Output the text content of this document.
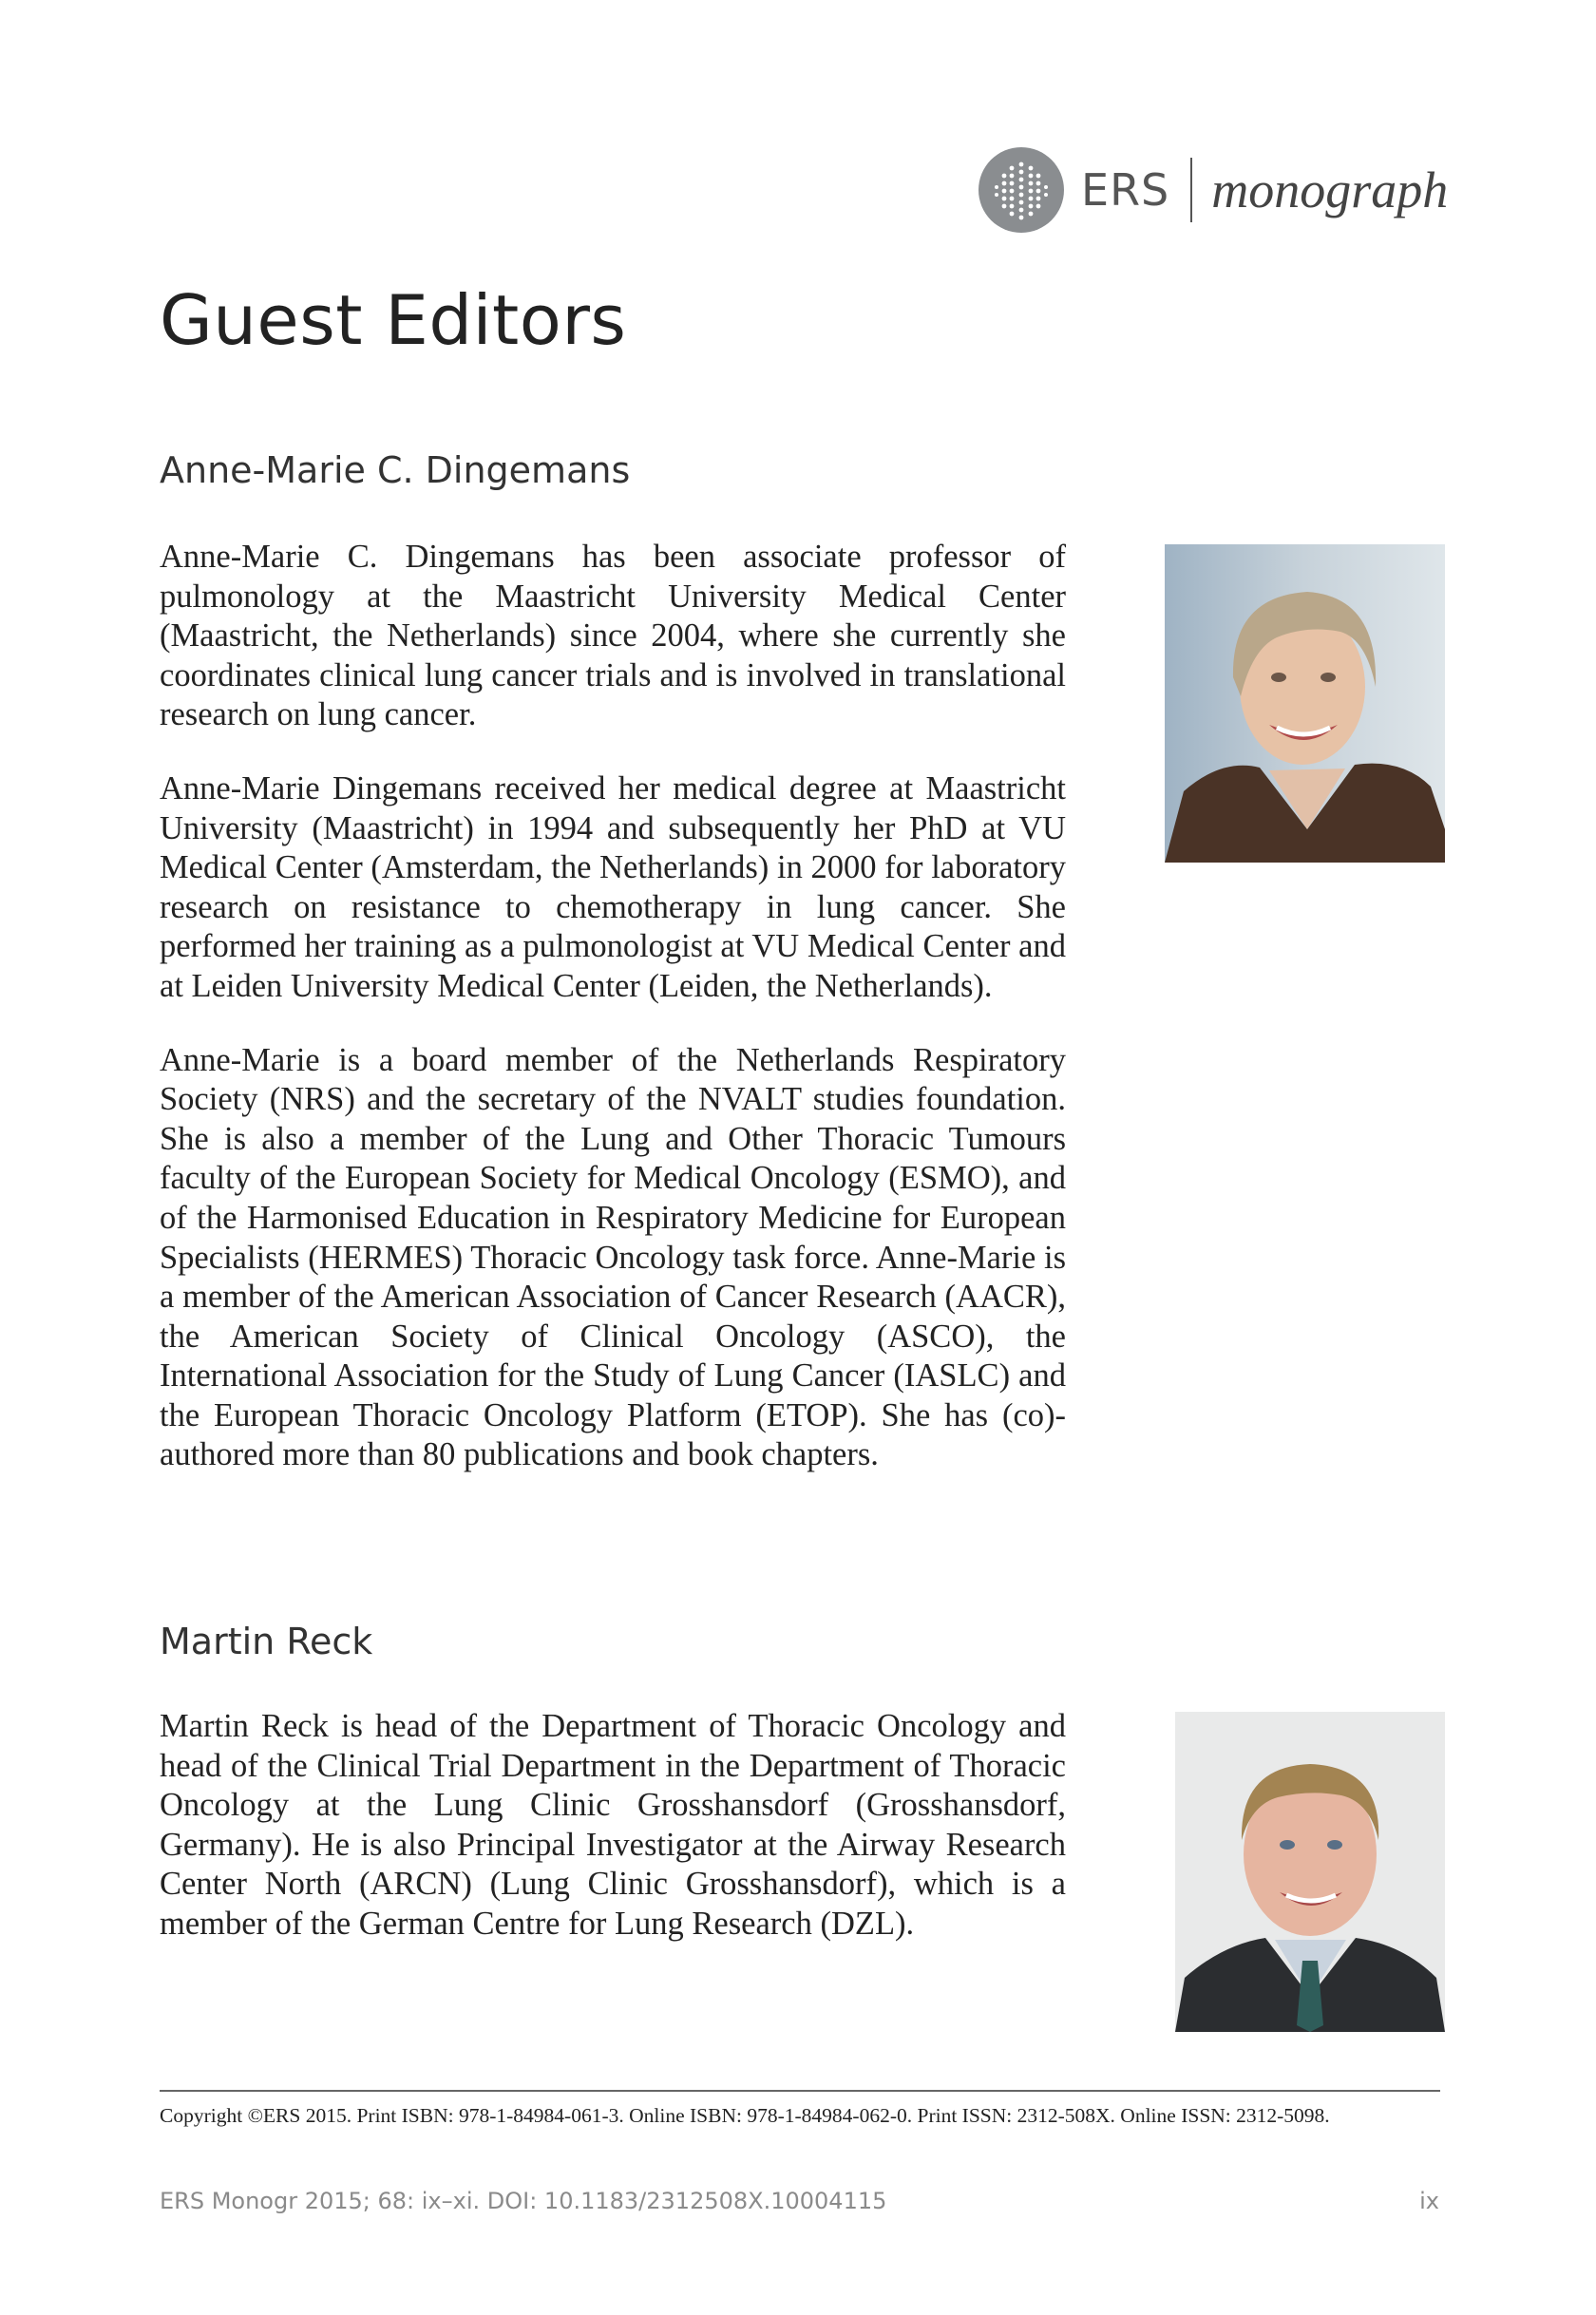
ERS monograph
Guest Editors
Anne-Marie C. Dingemans

Anne-Marie C. Dingemans has been associate professor of pulmonology at the Maastricht University Medical Center (Maastricht, the Netherlands) since 2004, where she currently she coordinates clinical lung cancer trials and is involved in translational research on lung cancer.

Anne-Marie Dingemans received her medical degree at Maastricht University (Maastricht) in 1994 and subsequently her PhD at VU Medical Center (Amsterdam, the Netherlands) in 2000 for laboratory research on resistance to chemotherapy in lung cancer. She performed her training as a pulmonologist at VU Medical Center and at Leiden University Medical Center (Leiden, the Netherlands).

Anne-Marie is a board member of the Netherlands Respiratory Society (NRS) and the secretary of the NVALT studies foundation. She is also a member of the Lung and Other Thoracic Tumours faculty of the European Society for Medical Oncology (ESMO), and of the Harmonised Education in Respiratory Medicine for European Specialists (HERMES) Thoracic Oncology task force. Anne-Marie is a member of the American Association of Cancer Research (AACR), the American Society of Clinical Oncology (ASCO), the International Association for the Study of Lung Cancer (IASLC) and the European Thoracic Oncology Platform (ETOP). She has (co)-authored more than 80 publications and book chapters.

Martin Reck

Martin Reck is head of the Department of Thoracic Oncology and head of the Clinical Trial Department in the Department of Thoracic Oncology at the Lung Clinic Grosshansdorf (Grosshansdorf, Germany). He is also Principal Investigator at the Airway Research Center North (ARCN) (Lung Clinic Grosshansdorf), which is a member of the German Centre for Lung Research (DZL).

Copyright ©ERS 2015. Print ISBN: 978-1-84984-061-3. Online ISBN: 978-1-84984-062-0. Print ISSN: 2312-508X. Online ISSN: 2312-5098.
ERS Monogr 2015; 68: ix–xi. DOI: 10.1183/2312508X.10004115	ix
